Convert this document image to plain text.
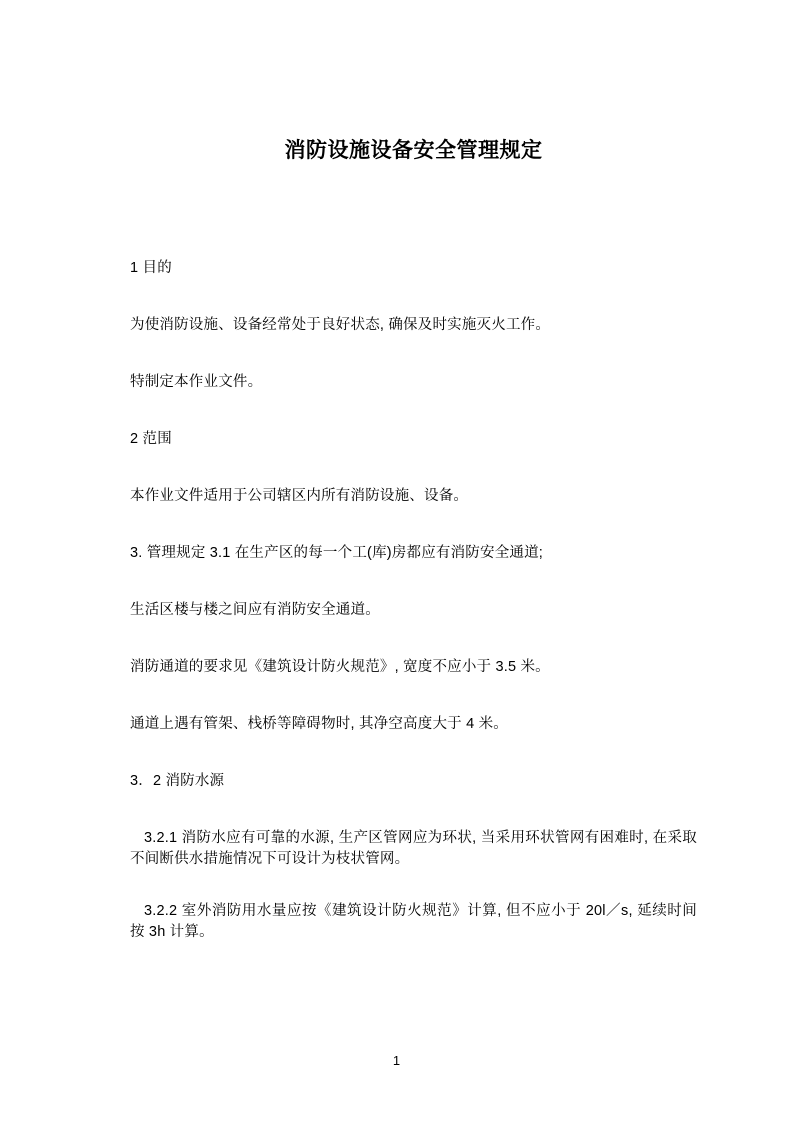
消防设施设备安全管理规定

1 目的

为使消防设施、设备经常处于良好状态, 确保及时实施灭火工作。

特制定本作业文件。

2 范围

本作业文件适用于公司辖区内所有消防设施、设备。

3. 管理规定 3.1 在生产区的每一个工(库)房都应有消防安全通道;

生活区楼与楼之间应有消防安全通道。

消防通道的要求见《建筑设计防火规范》, 宽度不应小于 3.5 米。

通道上遇有管架、栈桥等障碍物时, 其净空高度大于 4 米。

3．2 消防水源

3.2.1 消防水应有可靠的水源, 生产区管网应为环状, 当采用环状管网有困难时, 在采取不间断供水措施情况下可设计为枝状管网。

3.2.2 室外消防用水量应按《建筑设计防火规范》计算, 但不应小于 20l／s, 延续时间按 3h 计算。

1
